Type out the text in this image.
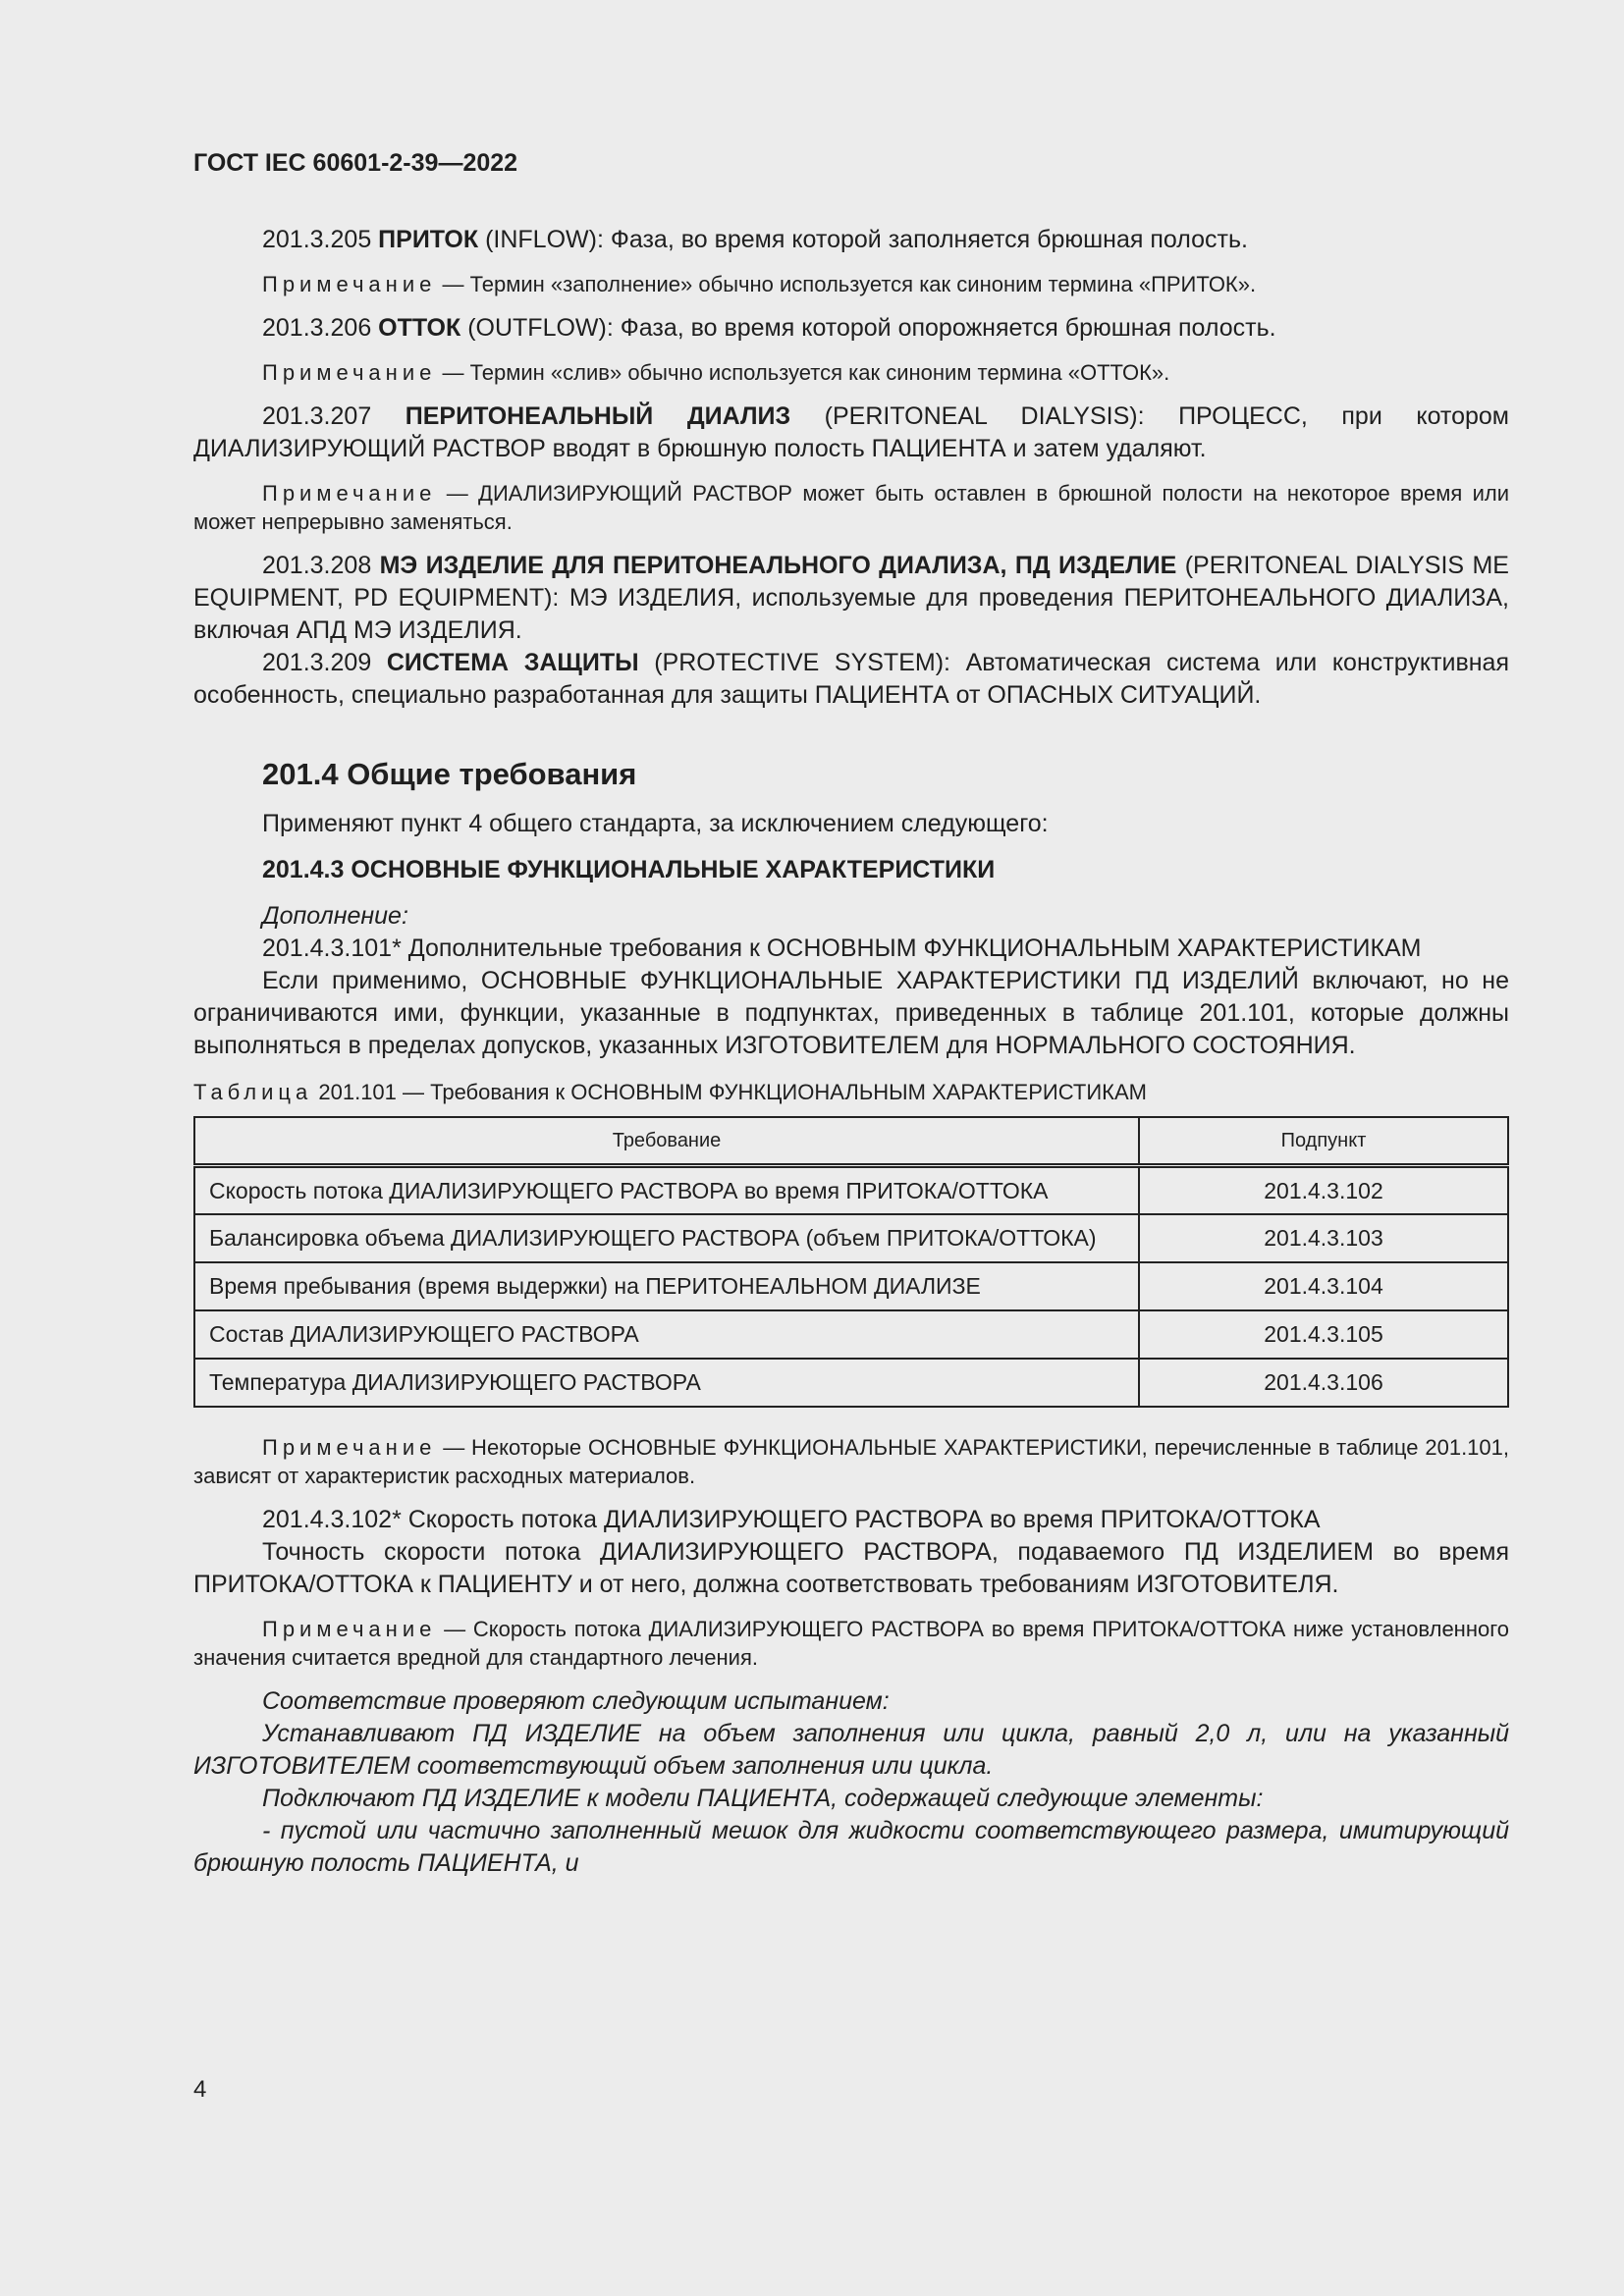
ГОСТ IEC 60601-2-39—2022

201.3.205 ПРИТОК (INFLOW): Фаза, во время которой заполняется брюшная полость.

Примечание — Термин «заполнение» обычно используется как синоним термина «ПРИТОК».

201.3.206 ОТТОК (OUTFLOW): Фаза, во время которой опорожняется брюшная полость.

Примечание — Термин «слив» обычно используется как синоним термина «ОТТОК».

201.3.207 ПЕРИТОНЕАЛЬНЫЙ ДИАЛИЗ (PERITONEAL DIALYSIS): ПРОЦЕСС, при котором ДИАЛИЗИРУЮЩИЙ РАСТВОР вводят в брюшную полость ПАЦИЕНТА и затем удаляют.

Примечание — ДИАЛИЗИРУЮЩИЙ РАСТВОР может быть оставлен в брюшной полости на некоторое время или может непрерывно заменяться.

201.3.208 МЭ ИЗДЕЛИЕ ДЛЯ ПЕРИТОНЕАЛЬНОГО ДИАЛИЗА, ПД ИЗДЕЛИЕ (PERITONEAL DIALYSIS ME EQUIPMENT, PD EQUIPMENT): МЭ ИЗДЕЛИЯ, используемые для проведения ПЕРИТОНЕАЛЬНОГО ДИАЛИЗА, включая АПД МЭ ИЗДЕЛИЯ.

201.3.209 СИСТЕМА ЗАЩИТЫ (PROTECTIVE SYSTEM): Автоматическая система или конструктивная особенность, специально разработанная для защиты ПАЦИЕНТА от ОПАСНЫХ СИТУАЦИЙ.

201.4 Общие требования

Применяют пункт 4 общего стандарта, за исключением следующего:

201.4.3 ОСНОВНЫЕ ФУНКЦИОНАЛЬНЫЕ ХАРАКТЕРИСТИКИ

Дополнение:

201.4.3.101* Дополнительные требования к ОСНОВНЫМ ФУНКЦИОНАЛЬНЫМ ХАРАКТЕРИСТИКАМ

Если применимо, ОСНОВНЫЕ ФУНКЦИОНАЛЬНЫЕ ХАРАКТЕРИСТИКИ ПД ИЗДЕЛИЙ включают, но не ограничиваются ими, функции, указанные в подпунктах, приведенных в таблице 201.101, которые должны выполняться в пределах допусков, указанных ИЗГОТОВИТЕЛЕМ для НОРМАЛЬНОГО СОСТОЯНИЯ.

Таблица 201.101 — Требования к ОСНОВНЫМ ФУНКЦИОНАЛЬНЫМ ХАРАКТЕРИСТИКАМ

Требование	Подпункт
Скорость потока ДИАЛИЗИРУЮЩЕГО РАСТВОРА во время ПРИТОКА/ОТТОКА	201.4.3.102
Балансировка объема ДИАЛИЗИРУЮЩЕГО РАСТВОРА (объем ПРИТОКА/ОТТОКА)	201.4.3.103
Время пребывания (время выдержки) на ПЕРИТОНЕАЛЬНОМ ДИАЛИЗЕ	201.4.3.104
Состав ДИАЛИЗИРУЮЩЕГО РАСТВОРА	201.4.3.105
Температура ДИАЛИЗИРУЮЩЕГО РАСТВОРА	201.4.3.106

Примечание — Некоторые ОСНОВНЫЕ ФУНКЦИОНАЛЬНЫЕ ХАРАКТЕРИСТИКИ, перечисленные в таблице 201.101, зависят от характеристик расходных материалов.

201.4.3.102* Скорость потока ДИАЛИЗИРУЮЩЕГО РАСТВОРА во время ПРИТОКА/ОТТОКА

Точность скорости потока ДИАЛИЗИРУЮЩЕГО РАСТВОРА, подаваемого ПД ИЗДЕЛИЕМ во время ПРИТОКА/ОТТОКА к ПАЦИЕНТУ и от него, должна соответствовать требованиям ИЗГОТОВИТЕЛЯ.

Примечание — Скорость потока ДИАЛИЗИРУЮЩЕГО РАСТВОРА во время ПРИТОКА/ОТТОКА ниже установленного значения считается вредной для стандартного лечения.

Соответствие проверяют следующим испытанием:

Устанавливают ПД ИЗДЕЛИЕ на объем заполнения или цикла, равный 2,0 л, или на указанный ИЗГОТОВИТЕЛЕМ соответствующий объем заполнения или цикла.

Подключают ПД ИЗДЕЛИЕ к модели ПАЦИЕНТА, содержащей следующие элементы:

- пустой или частично заполненный мешок для жидкости соответствующего размера, имитирующий брюшную полость ПАЦИЕНТА, и

4
